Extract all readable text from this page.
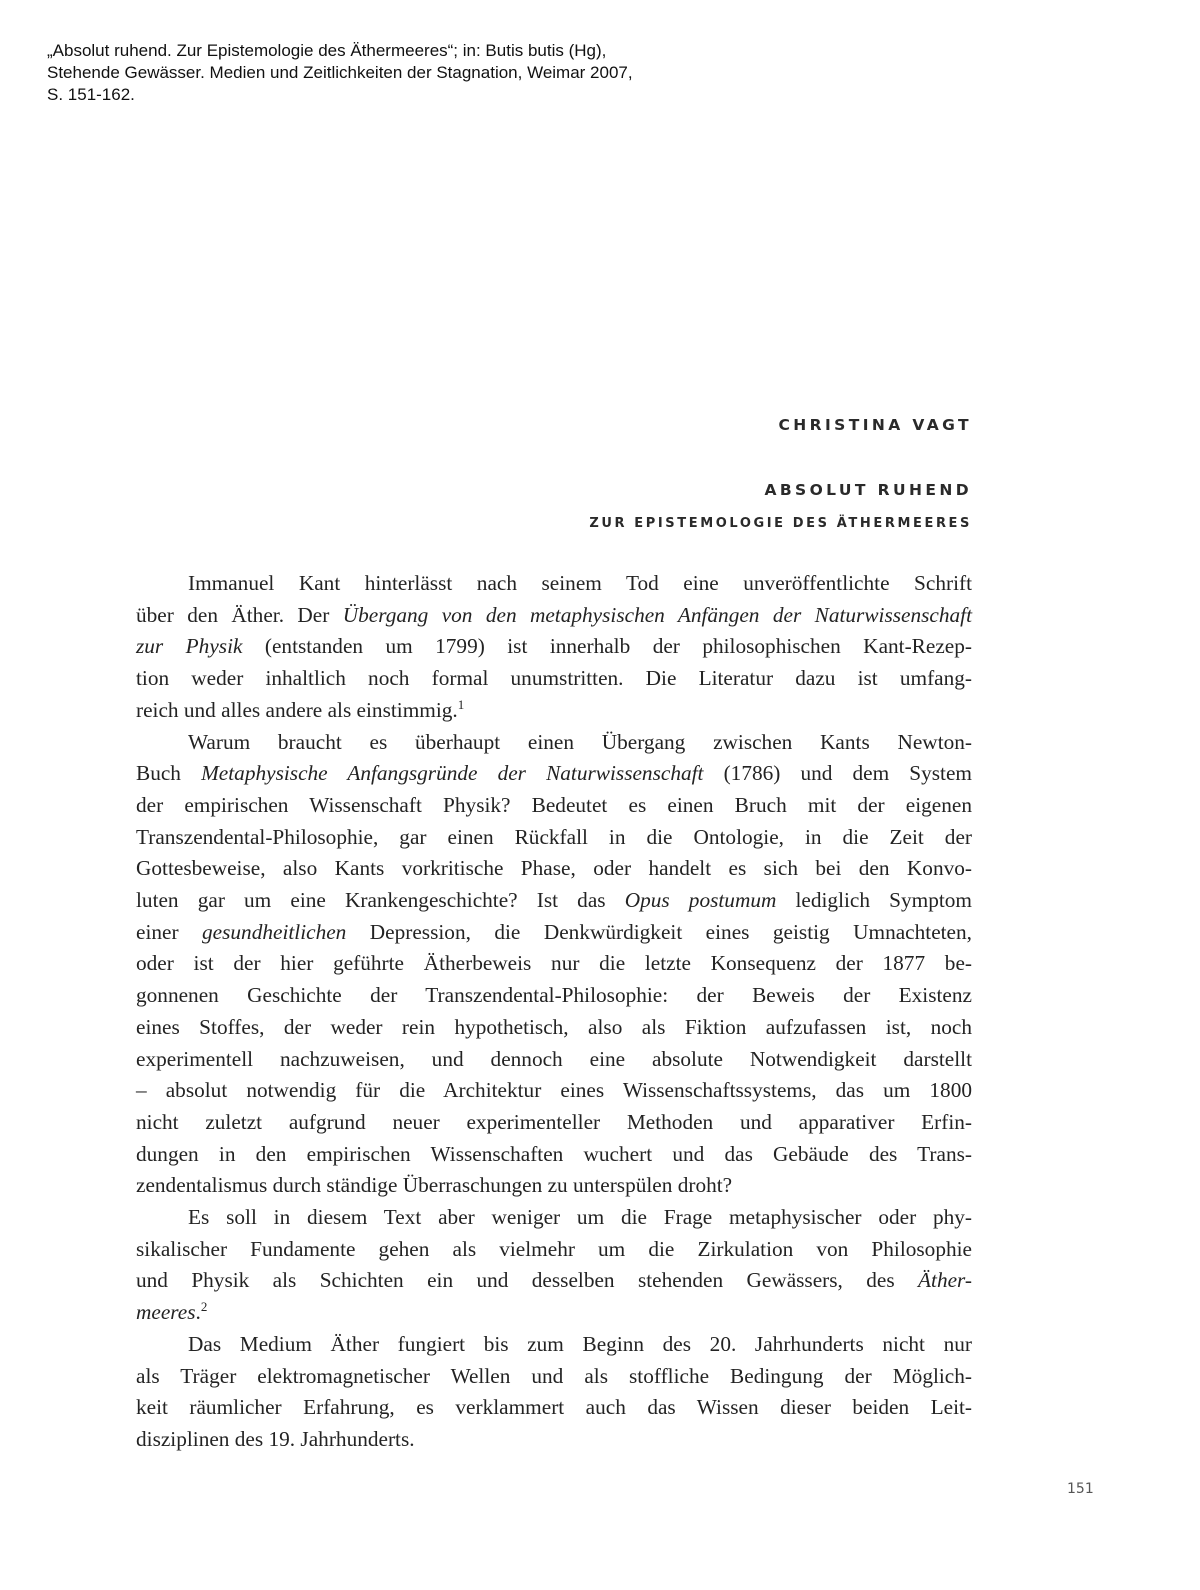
„Absolut ruhend. Zur Epistemologie des Äthermeeres“; in: Butis butis (Hg),
Stehende Gewässer. Medien und Zeitlichkeiten der Stagnation, Weimar 2007,
S. 151-162.
CHRISTINA VAGT
ABSOLUT RUHEND
ZUR EPISTEMOLOGIE DES ÄTHERMEERES
Immanuel Kant hinterlässt nach seinem Tod eine unveröffentlichte Schrift
über den Äther. Der Übergang von den metaphysischen Anfängen der Naturwissenschaft
zur Physik (entstanden um 1799) ist innerhalb der philosophischen Kant-Rezep-
tion weder inhaltlich noch formal unumstritten. Die Literatur dazu ist umfang-
reich und alles andere als einstimmig.$^1$
Warum braucht es überhaupt einen Übergang zwischen Kants Newton-
Buch Metaphysische Anfangsgründe der Naturwissenschaft (1786) und dem System
der empirischen Wissenschaft Physik? Bedeutet es einen Bruch mit der eigenen
Transzendental-Philosophie, gar einen Rückfall in die Ontologie, in die Zeit der
Gottesbeweise, also Kants vorkritische Phase, oder handelt es sich bei den Konvo-
luten gar um eine Krankengeschichte? Ist das Opus postumum lediglich Symptom
einer gesundheitlichen Depression, die Denkwürdigkeit eines geistig Umnachteten,
oder ist der hier geführte Ätherbeweis nur die letzte Konsequenz der 1877 be-
gonnenen Geschichte der Transzendental-Philosophie: der Beweis der Existenz
eines Stoffes, der weder rein hypothetisch, also als Fiktion aufzufassen ist, noch
experimentell nachzuweisen, und dennoch eine absolute Notwendigkeit darstellt
– absolut notwendig für die Architektur eines Wissenschaftssystems, das um 1800
nicht zuletzt aufgrund neuer experimenteller Methoden und apparativer Erfin-
dungen in den empirischen Wissenschaften wuchert und das Gebäude des Trans-
zendentalismus durch ständige Überraschungen zu unterspülen droht?
Es soll in diesem Text aber weniger um die Frage metaphysischer oder phy-
sikalischer Fundamente gehen als vielmehr um die Zirkulation von Philosophie
und Physik als Schichten ein und desselben stehenden Gewässers, des Äther-
meeres.$^2$
Das Medium Äther fungiert bis zum Beginn des 20. Jahrhunderts nicht nur
als Träger elektromagnetischer Wellen und als stoffliche Bedingung der Möglich-
keit räumlicher Erfahrung, es verklammert auch das Wissen dieser beiden Leit-
disziplinen des 19. Jahrhunderts.
151
